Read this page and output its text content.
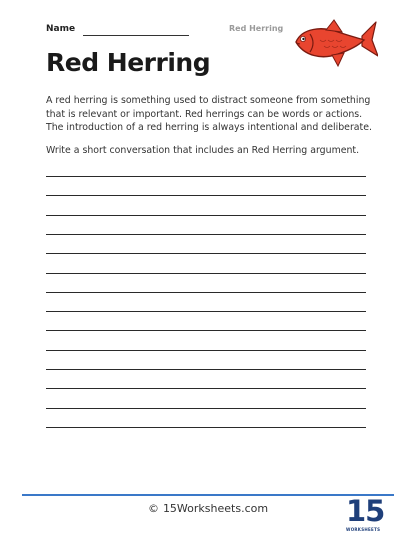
Name	Red Herring
Red Herring

A red herring is something used to distract someone from something that is relevant or important. Red herrings can be words or actions. The introduction of a red herring is always intentional and deliberate.

Write a short conversation that includes an Red Herring argument.

© 15Worksheets.com	15
WORKSHEETS
